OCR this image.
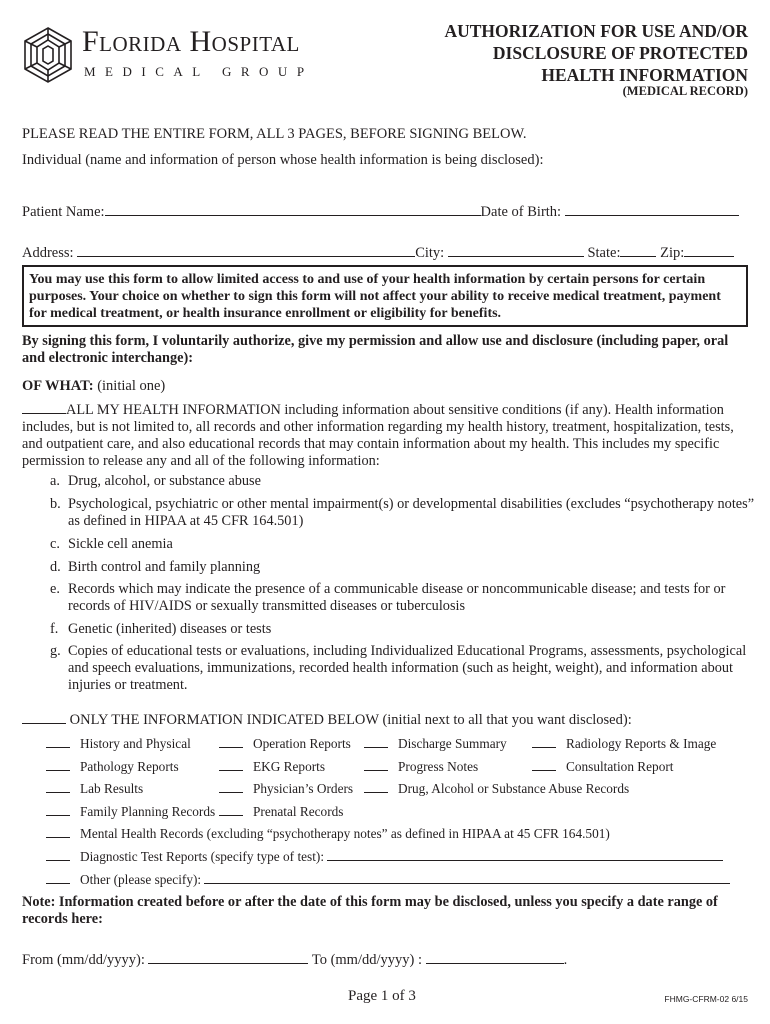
Florida Hospital
MEDICAL GROUP
AUTHORIZATION FOR USE AND/OR
DISCLOSURE OF PROTECTED
HEALTH INFORMATION
(MEDICAL RECORD)
PLEASE READ THE ENTIRE FORM, ALL 3 PAGES, BEFORE SIGNING BELOW.
Individual (name and information of person whose health information is being disclosed):
Patient Name:	Date of Birth:
Address:	City:	State:	Zip:
You may use this form to allow limited access to and use of your health information by certain persons for certain purposes. Your choice on whether to sign this form will not affect your ability to receive medical treatment, payment for medical treatment, or health insurance enrollment or eligibility for benefits.
By signing this form, I voluntarily authorize, give my permission and allow use and disclosure (including paper, oral and electronic interchange):
OF WHAT: (initial one)
ALL MY HEALTH INFORMATION including information about sensitive conditions (if any). Health information includes, but is not limited to, all records and other information regarding my health history, treatment, hospitalization, tests, and outpatient care, and also educational records that may contain information about my health. This includes my specific permission to release any and all of the following information:
a. Drug, alcohol, or substance abuse
b. Psychological, psychiatric or other mental impairment(s) or developmental disabilities (excludes “psychotherapy notes” as defined in HIPAA at 45 CFR 164.501)
c. Sickle cell anemia
d. Birth control and family planning
e. Records which may indicate the presence of a communicable disease or noncommunicable disease; and tests for or records of HIV/AIDS or sexually transmitted diseases or tuberculosis
f. Genetic (inherited) diseases or tests
g. Copies of educational tests or evaluations, including Individualized Educational Programs, assessments, psychological and speech evaluations, immunizations, recorded health information (such as height, weight), and information about injuries or treatment.
ONLY THE INFORMATION INDICATED BELOW (initial next to all that you want disclosed):
History and Physical	Operation Reports	Discharge Summary	Radiology Reports & Image
Pathology Reports	EKG Reports	Progress Notes	Consultation Report
Lab Results	Physician’s Orders	Drug, Alcohol or Substance Abuse Records
Family Planning Records	Prenatal Records
Mental Health Records (excluding “psychotherapy notes” as defined in HIPAA at 45 CFR 164.501)
Diagnostic Test Reports (specify type of test):
Other (please specify):
Note: Information created before or after the date of this form may be disclosed, unless you specify a date range of records here:
From (mm/dd/yyyy):	To (mm/dd/yyyy) :	.
Page 1 of 3	FHMG-CFRM-02 6/15
